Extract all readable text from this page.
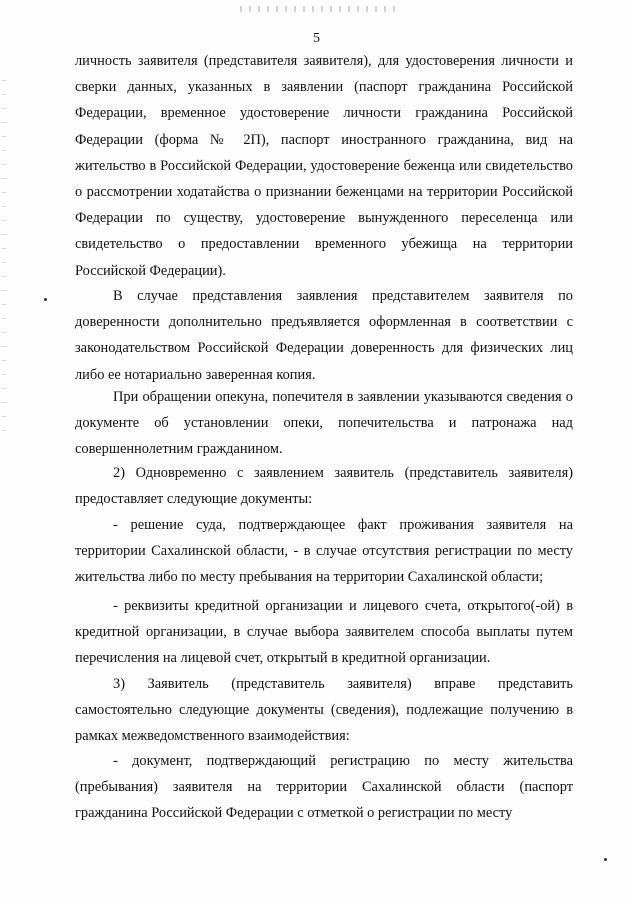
5

личность заявителя (представителя заявителя), для удостоверения личности и сверки данных, указанных в заявлении (паспорт гражданина Российской Федерации, временное удостоверение личности гражданина Российской Федерации (форма № 2П), паспорт иностранного гражданина, вид на жительство в Российской Федерации, удостоверение беженца или свидетельство о рассмотрении ходатайства о признании беженцами на территории Российской Федерации по существу, удостоверение вынужденного переселенца или свидетельство о предоставлении временного убежища на территории Российской Федерации).

В случае представления заявления представителем заявителя по доверенности дополнительно предъявляется оформленная в соответствии с законодательством Российской Федерации доверенность для физических лиц либо ее нотариально заверенная копия.

При обращении опекуна, попечителя в заявлении указываются сведения о документе об установлении опеки, попечительства и патронажа над совершеннолетним гражданином.

2) Одновременно с заявлением заявитель (представитель заявителя) предоставляет следующие документы:

- решение суда, подтверждающее факт проживания заявителя на территории Сахалинской области, - в случае отсутствия регистрации по месту жительства либо по месту пребывания на территории Сахалинской области;

- реквизиты кредитной организации и лицевого счета, открытого(-ой) в кредитной организации, в случае выбора заявителем способа выплаты путем перечисления на лицевой счет, открытый в кредитной организации.

3) Заявитель (представитель заявителя) вправе представить самостоятельно следующие документы (сведения), подлежащие получению в рамках межведомственного взаимодействия:

- документ, подтверждающий регистрацию по месту жительства (пребывания) заявителя на территории Сахалинской области (паспорт гражданина Российской Федерации с отметкой о регистрации по месту
